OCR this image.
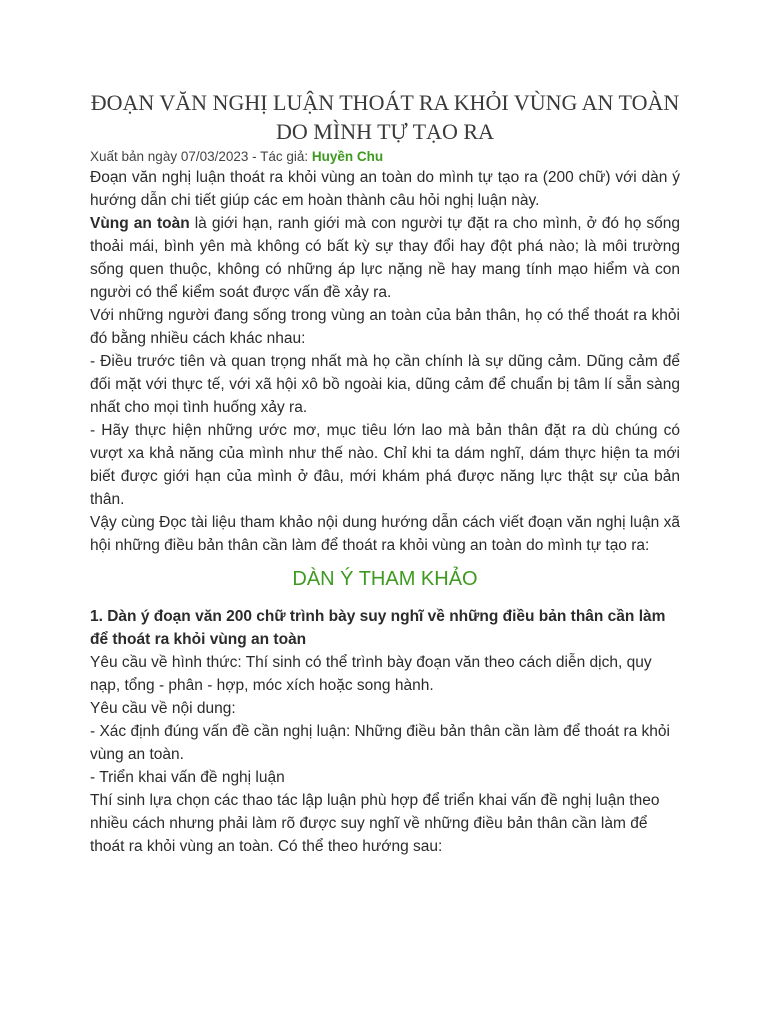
ĐOẠN VĂN NGHỊ LUẬN THOÁT RA KHỎI VÙNG AN TOÀN DO MÌNH TỰ TẠO RA
Xuất bản ngày 07/03/2023 - Tác giả: Huyền Chu

Đoạn văn nghị luận thoát ra khỏi vùng an toàn do mình tự tạo ra (200 chữ) với dàn ý hướng dẫn chi tiết giúp các em hoàn thành câu hỏi nghị luận này.

Vùng an toàn là giới hạn, ranh giới mà con người tự đặt ra cho mình, ở đó họ sống thoải mái, bình yên mà không có bất kỳ sự thay đổi hay đột phá nào; là môi trường sống quen thuộc, không có những áp lực nặng nề hay mang tính mạo hiểm và con người có thể kiểm soát được vấn đề xảy ra.

Với những người đang sống trong vùng an toàn của bản thân, họ có thể thoát ra khỏi đó bằng nhiều cách khác nhau:

- Điều trước tiên và quan trọng nhất mà họ cần chính là sự dũng cảm. Dũng cảm để đối mặt với thực tế, với xã hội xô bồ ngoài kia, dũng cảm để chuẩn bị tâm lí sẵn sàng nhất cho mọi tình huống xảy ra.

- Hãy thực hiện những ước mơ, mục tiêu lớn lao mà bản thân đặt ra dù chúng có vượt xa khả năng của mình như thế nào. Chỉ khi ta dám nghĩ, dám thực hiện ta mới biết được giới hạn của mình ở đâu, mới khám phá được năng lực thật sự của bản thân.

Vậy cùng Đọc tài liệu tham khảo nội dung hướng dẫn cách viết đoạn văn nghị luận xã hội những điều bản thân cần làm để thoát ra khỏi vùng an toàn do mình tự tạo ra:

DÀN Ý THAM KHẢO

1. Dàn ý đoạn văn 200 chữ trình bày suy nghĩ về những điều bản thân cần làm để thoát ra khỏi vùng an toàn

Yêu cầu về hình thức: Thí sinh có thể trình bày đoạn văn theo cách diễn dịch, quy nạp, tổng - phân - hợp, móc xích hoặc song hành.

Yêu cầu về nội dung:

- Xác định đúng vấn đề cần nghị luận: Những điều bản thân cần làm để thoát ra khỏi vùng an toàn.

- Triển khai vấn đề nghị luận

Thí sinh lựa chọn các thao tác lập luận phù hợp để triển khai vấn đề nghị luận theo nhiều cách nhưng phải làm rõ được suy nghĩ về những điều bản thân cần làm để thoát ra khỏi vùng an toàn. Có thể theo hướng sau:
